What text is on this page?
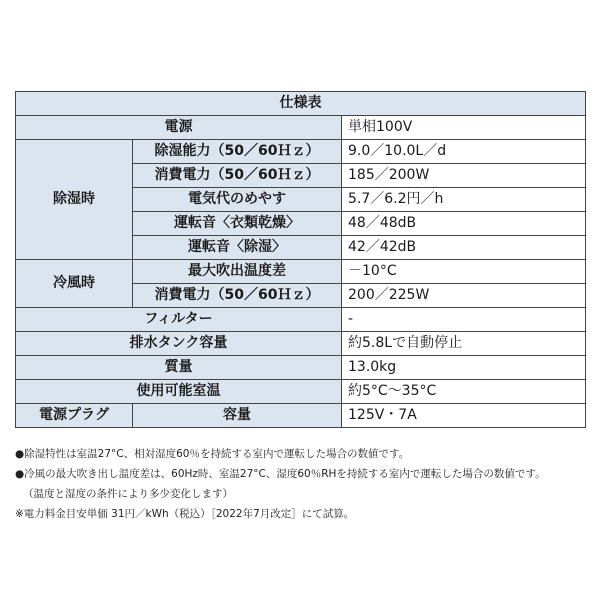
仕様表		
電源		単相100V
除湿時	除湿能力（50／60Ｈｚ）	9.0／10.0L／d
	消費電力（50／60Ｈｚ）	185／200W
	電気代のめやす	5.7／6.2円／h
	運転音〈衣類乾燥〉	48／48dB
	運転音〈除湿〉	42／42dB
冷風時	最大吹出温度差	－10°C
	消費電力（50／60Ｈｚ）	200／225W
フィルター		-
排水タンク容量		約5.8Lで自動停止
質量		13.0kg
使用可能室温		約5°C～35°C
電源プラグ	容量	125V・7A
●除湿特性は室温27°C、相対湿度60％を持続する室内で運転した場合の数値です。
●冷風の最大吹き出し温度差は、60Hz時、室温27°C、湿度60％RHを持続する室内で運転した場合の数値です。
（温度と湿度の条件により多少変化します）
※電力料金目安単価 31円／kWh（税込）［2022年7月改定］にて試算。
